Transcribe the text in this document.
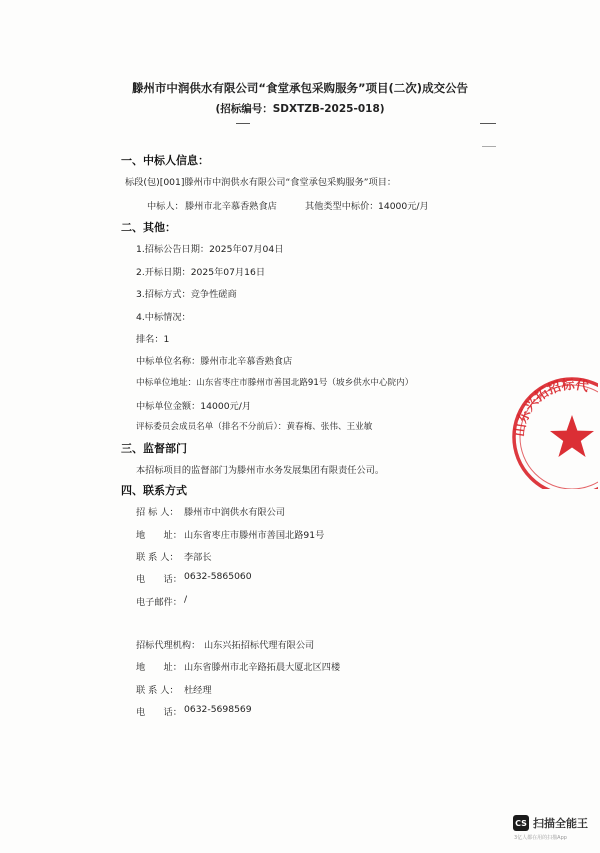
滕州市中润供水有限公司“食堂承包采购服务”项目(二次)成交公告
(招标编号：SDXTZB-2025-018)
一、中标人信息：
标段(包)[001]滕州市中润供水有限公司“食堂承包采购服务”项目：
中标人： 滕州市北辛慕香熟食店	其他类型中标价： 14000元/月
二、其他：
1.招标公告日期：2025年07月04日
2.开标日期：2025年07月16日
3.招标方式：竞争性磋商
4.中标情况：
排名：1
中标单位名称：滕州市北辛慕香熟食店
中标单位地址：山东省枣庄市滕州市善国北路91号（坡乡供水中心院内）
中标单位金额：14000元/月
评标委员会成员名单（排名不分前后）：黄春梅、张伟、王业敏
三、监督部门
本招标项目的监督部门为滕州市水务发展集团有限责任公司。
四、联系方式
招 标 人： 滕州市中润供水有限公司
地　　址： 山东省枣庄市滕州市善国北路91号
联 系 人： 李部长
电　　话： 0632-5865060
电子邮件： /
招标代理机构： 山东兴拓招标代理有限公司
地　　址： 山东省滕州市北辛路拓晨大厦北区四楼
联 系 人： 杜经理
电　　话： 0632-5698569
山东兴拓招标代
CS 扫描全能王
3亿人都在用的扫描App
